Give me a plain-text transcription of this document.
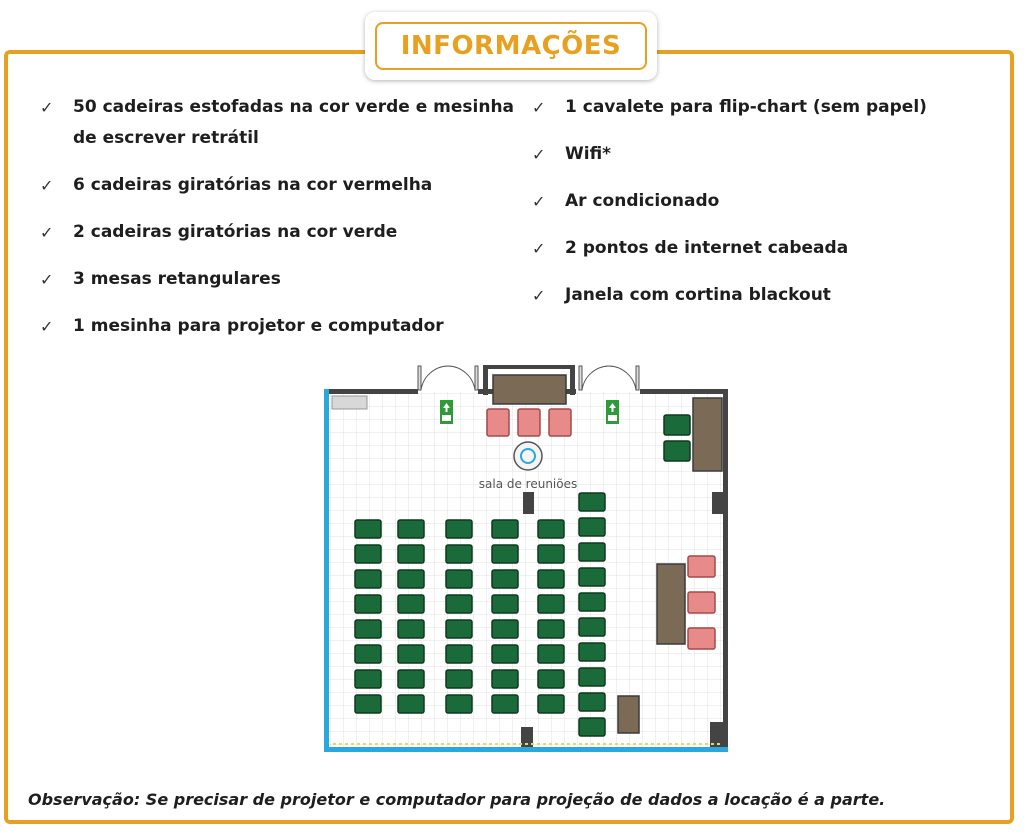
INFORMAÇÕES
✓ 50 cadeiras estofadas na cor verde e mesinha de escrever retrátil
✓ 6 cadeiras giratórias na cor vermelha
✓ 2 cadeiras giratórias na cor verde
✓ 3 mesas retangulares
✓ 1 mesinha para projetor e computador
✓ 1 cavalete para flip-chart (sem papel)
✓ Wifi*
✓ Ar condicionado
✓ 2 pontos de internet cabeada
✓ Janela com cortina blackout
sala de reuniões
Observação: Se precisar de projetor e computador para projeção de dados a locação é a parte.
